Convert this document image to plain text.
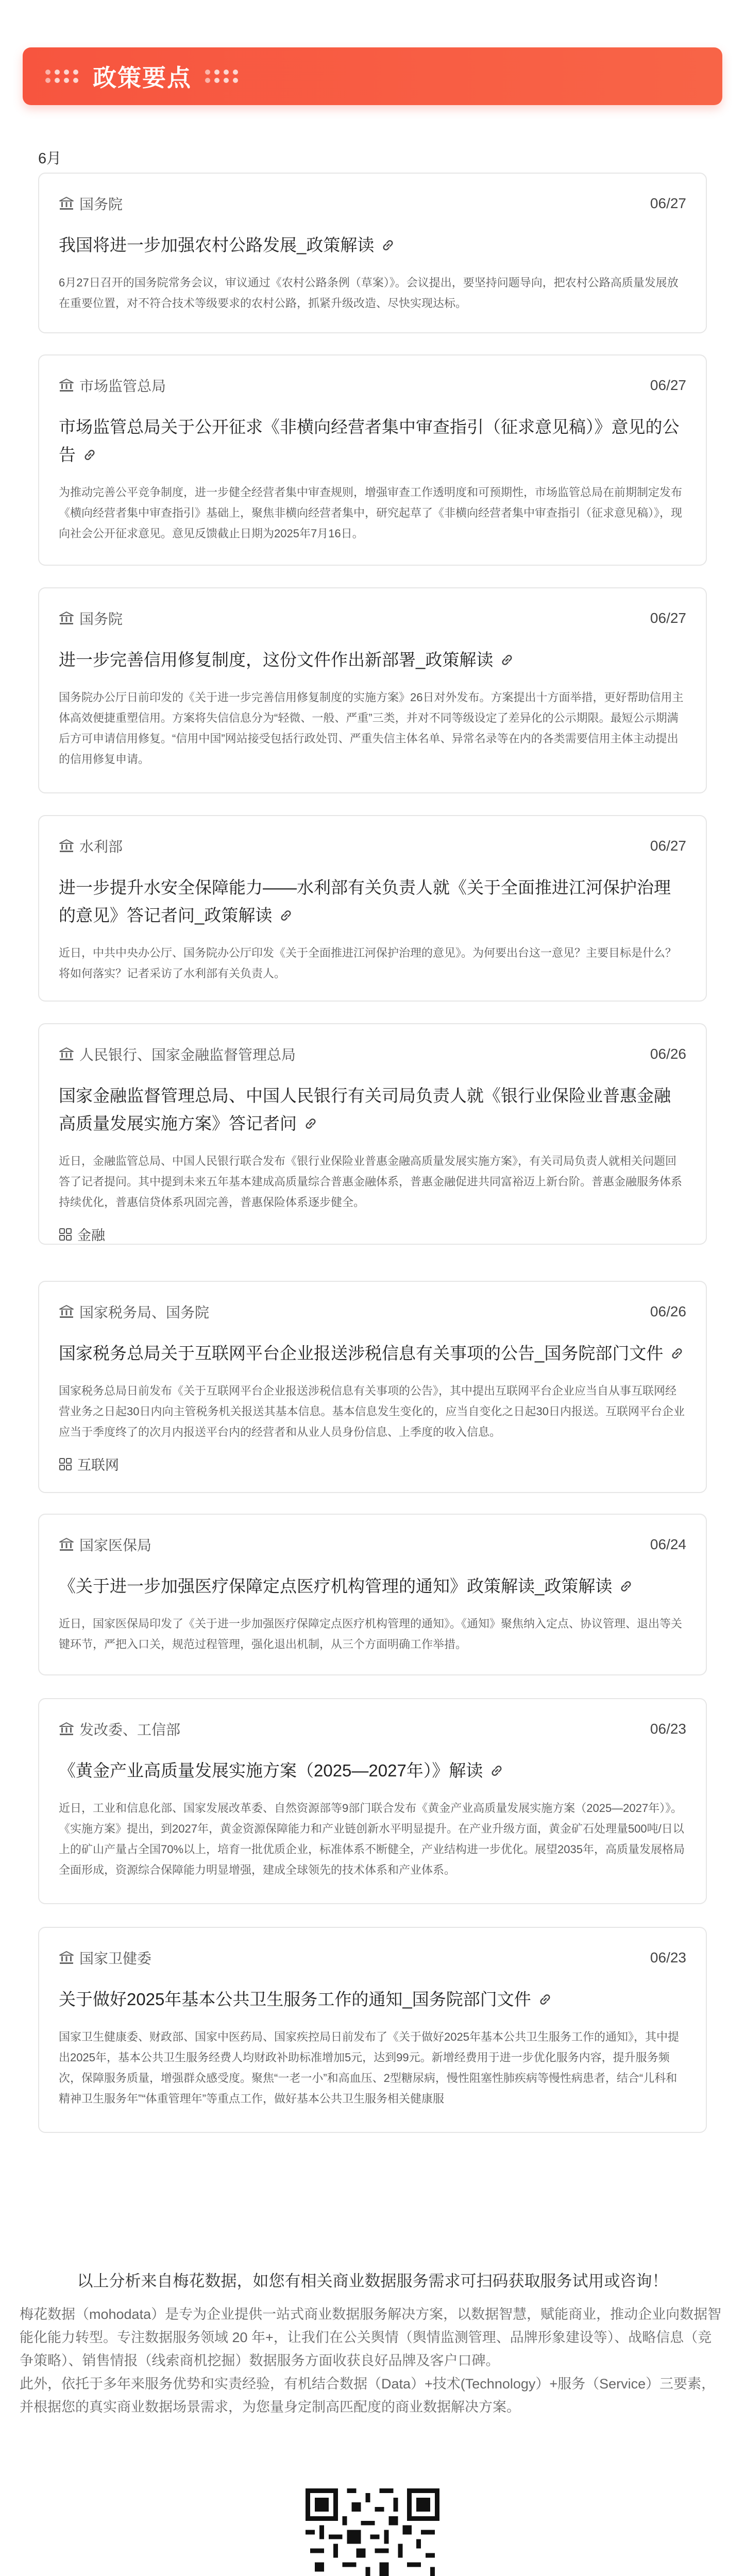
政策要点
6月
国务院	06/27
我国将进一步加强农村公路发展_政策解读
6月27日召开的国务院常务会议，审议通过《农村公路条例（草案）》。会议提出，要坚持问题导向，把农村公路高质量发展放在重要位置，对不符合技术等级要求的农村公路，抓紧升级改造、尽快实现达标。
市场监管总局	06/27
市场监管总局关于公开征求《非横向经营者集中审查指引（征求意见稿）》意见的公告
为推动完善公平竞争制度，进一步健全经营者集中审查规则，增强审查工作透明度和可预期性，市场监管总局在前期制定发布《横向经营者集中审查指引》基础上，聚焦非横向经营者集中，研究起草了《非横向经营者集中审查指引（征求意见稿）》，现向社会公开征求意见。意见反馈截止日期为2025年7月16日。
国务院	06/27
进一步完善信用修复制度，这份文件作出新部署_政策解读
国务院办公厅日前印发的《关于进一步完善信用修复制度的实施方案》26日对外发布。方案提出十方面举措，更好帮助信用主体高效便捷重塑信用。方案将失信信息分为“轻微、一般、严重”三类，并对不同等级设定了差异化的公示期限。最短公示期满后方可申请信用修复。“信用中国”网站接受包括行政处罚、严重失信主体名单、异常名录等在内的各类需要信用主体主动提出的信用修复申请。
水利部	06/27
进一步提升水安全保障能力——水利部有关负责人就《关于全面推进江河保护治理的意见》答记者问_政策解读
近日，中共中央办公厅、国务院办公厅印发《关于全面推进江河保护治理的意见》。为何要出台这一意见？主要目标是什么？将如何落实？记者采访了水利部有关负责人。
人民银行、国家金融监督管理总局	06/26
国家金融监督管理总局、中国人民银行有关司局负责人就《银行业保险业普惠金融高质量发展实施方案》答记者问
近日，金融监管总局、中国人民银行联合发布《银行业保险业普惠金融高质量发展实施方案》，有关司局负责人就相关问题回答了记者提问。其中提到未来五年基本建成高质量综合普惠金融体系，普惠金融促进共同富裕迈上新台阶。普惠金融服务体系持续优化，普惠信贷体系巩固完善，普惠保险体系逐步健全。
金融
国家税务局、国务院	06/26
国家税务总局关于互联网平台企业报送涉税信息有关事项的公告_国务院部门文件
国家税务总局日前发布《关于互联网平台企业报送涉税信息有关事项的公告》，其中提出互联网平台企业应当自从事互联网经营业务之日起30日内向主管税务机关报送其基本信息。基本信息发生变化的，应当自变化之日起30日内报送。互联网平台企业应当于季度终了的次月内报送平台内的经营者和从业人员身份信息、上季度的收入信息。
互联网
国家医保局	06/24
《关于进一步加强医疗保障定点医疗机构管理的通知》政策解读_政策解读
近日，国家医保局印发了《关于进一步加强医疗保障定点医疗机构管理的通知》。《通知》聚焦纳入定点、协议管理、退出等关键环节，严把入口关，规范过程管理，强化退出机制，从三个方面明确工作举措。
发改委、工信部	06/23
《黄金产业高质量发展实施方案（2025—2027年）》解读
近日，工业和信息化部、国家发展改革委、自然资源部等9部门联合发布《黄金产业高质量发展实施方案（2025—2027年）》。《实施方案》提出，到2027年，黄金资源保障能力和产业链创新水平明显提升。在产业升级方面，黄金矿石处理量500吨/日以上的矿山产量占全国70%以上，培育一批优质企业，标准体系不断健全，产业结构进一步优化。展望2035年，高质量发展格局全面形成，资源综合保障能力明显增强，建成全球领先的技术体系和产业体系。
国家卫健委	06/23
关于做好2025年基本公共卫生服务工作的通知_国务院部门文件
国家卫生健康委、财政部、国家中医药局、国家疾控局日前发布了《关于做好2025年基本公共卫生服务工作的通知》，其中提出2025年，基本公共卫生服务经费人均财政补助标准增加5元，达到99元。新增经费用于进一步优化服务内容，提升服务频次，保障服务质量，增强群众感受度。聚焦“一老一小”和高血压、2型糖尿病，慢性阻塞性肺疾病等慢性病患者，结合“儿科和精神卫生服务年”“体重管理年”等重点工作，做好基本公共卫生服务相关健康服
以上分析来自梅花数据，如您有相关商业数据服务需求可扫码获取服务试用或咨询！

梅花数据（mohodata）是专为企业提供一站式商业数据服务解决方案，以数据智慧，赋能商业，推动企业向数据智能化能力转型。专注数据服务领域 20 年+，让我们在公关舆情（舆情监测管理、品牌形象建设等）、战略信息（竞争策略）、销售情报（线索商机挖掘）数据服务方面收获良好品牌及客户口碑。

此外，依托于多年来服务优势和实责经验，有机结合数据（Data）+技术(Technology）+服务（Service）三要素，并根据您的真实商业数据场景需求，为您量身定制高匹配度的商业数据解决方案。
